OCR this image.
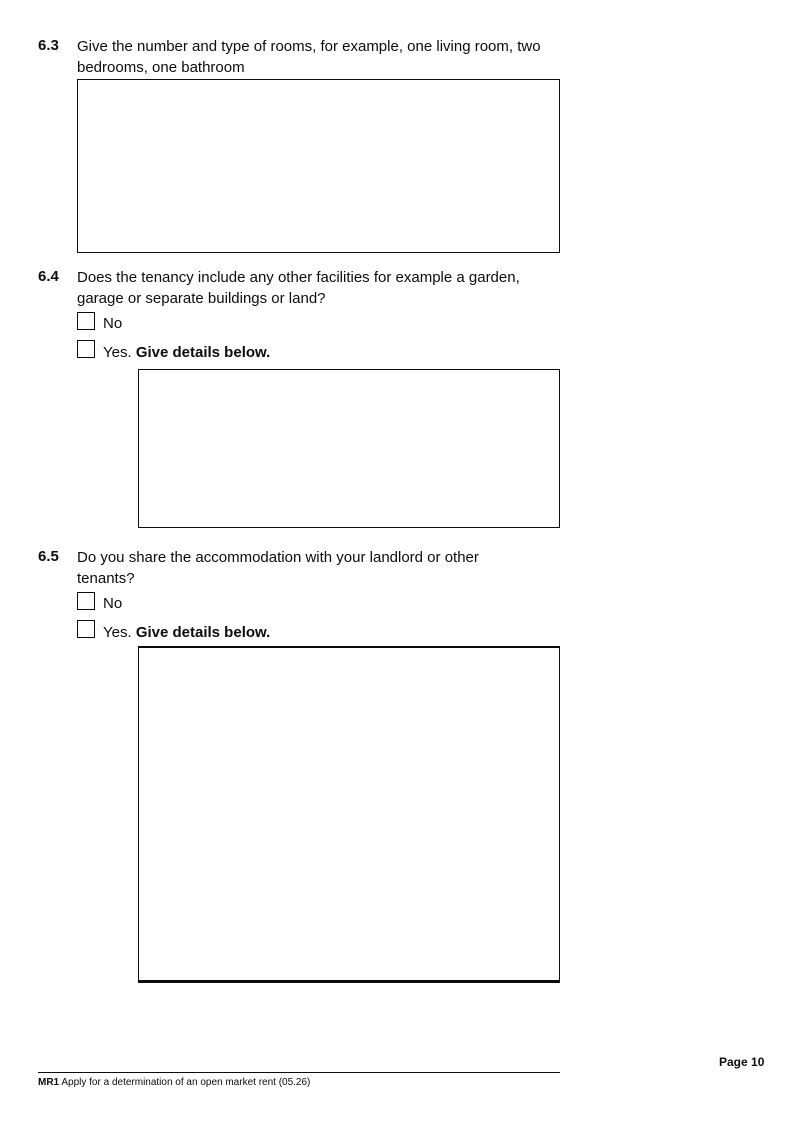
6.3 Give the number and type of rooms, for example, one living room, two bedrooms, one bathroom
6.4 Does the tenancy include any other facilities for example a garden, garage or separate buildings or land?
No
Yes. Give details below.
6.5 Do you share the accommodation with your landlord or other tenants?
No
Yes. Give details below.
Page 10
MR1 Apply for a determination of an open market rent (05.26)
